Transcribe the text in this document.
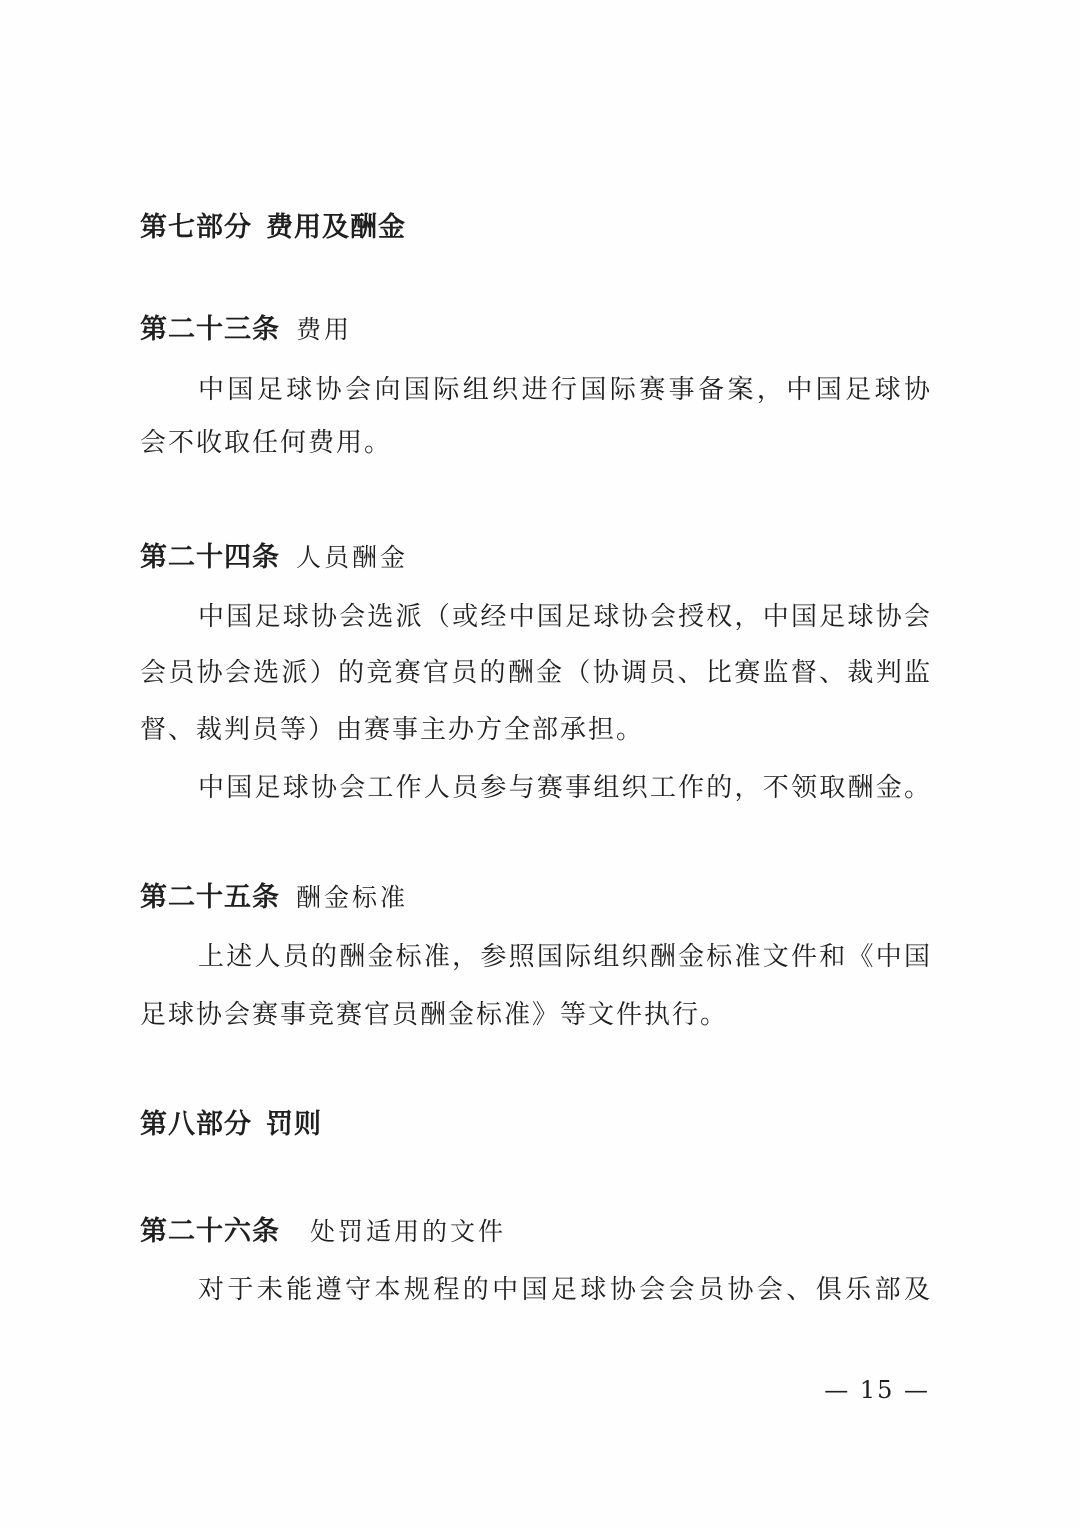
第七部分 费用及酬金
第二十三条 费用
中国足球协会向国际组织进行国际赛事备案，中国足球协
会不收取任何费用。
第二十四条 人员酬金
中国足球协会选派（或经中国足球协会授权，中国足球协会
会员协会选派）的竞赛官员的酬金（协调员、比赛监督、裁判监
督、裁判员等）由赛事主办方全部承担。
中国足球协会工作人员参与赛事组织工作的，不领取酬金。
第二十五条 酬金标准
上述人员的酬金标准，参照国际组织酬金标准文件和《中国
足球协会赛事竞赛官员酬金标准》等文件执行。
第八部分 罚则
第二十六条 处罚适用的文件
对于未能遵守本规程的中国足球协会会员协会、俱乐部及
— 15 —
